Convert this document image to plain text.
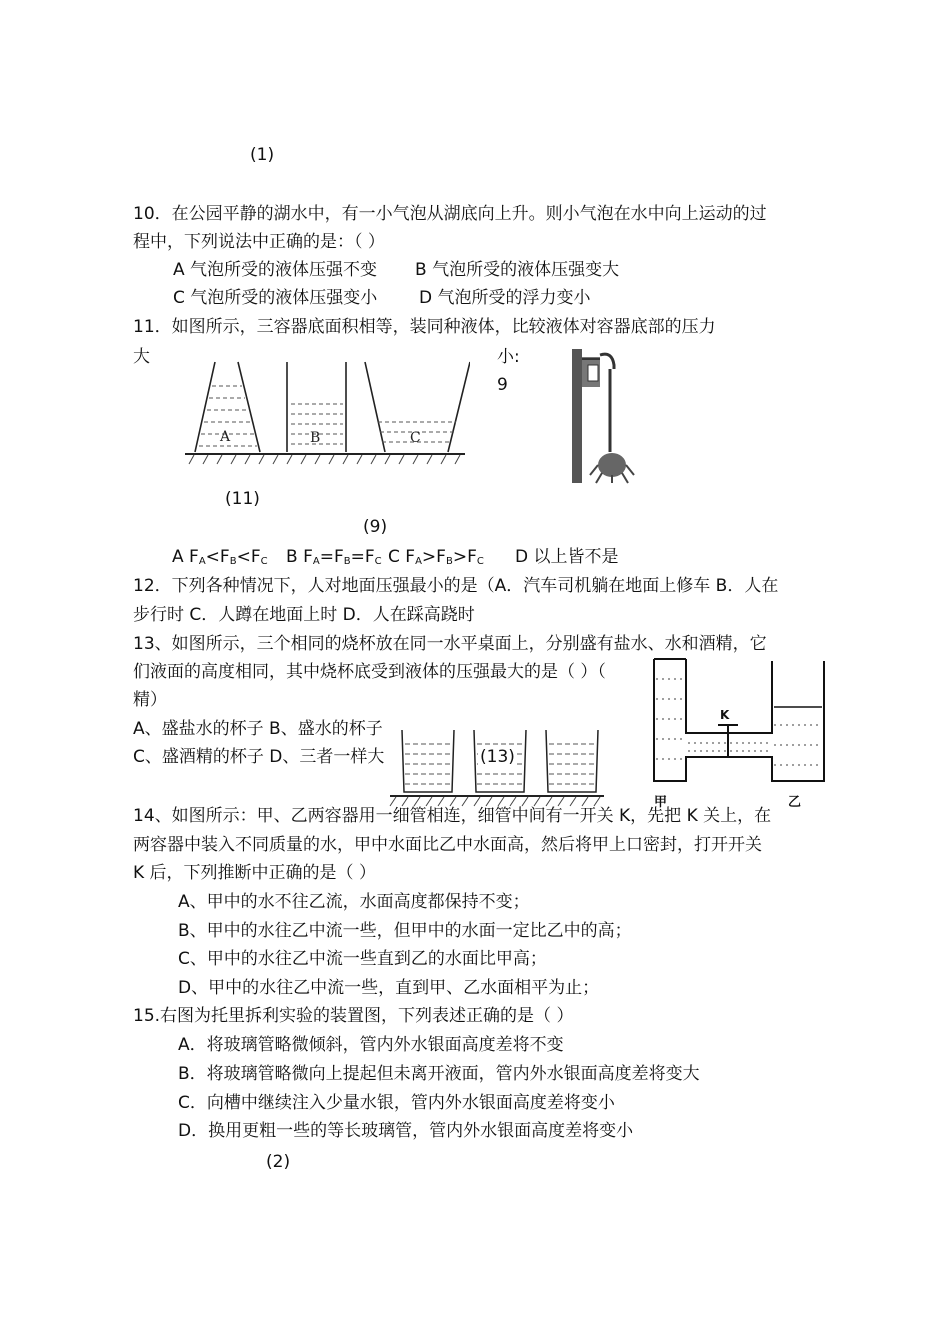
(1)
10．在公园平静的湖水中，有一小气泡从湖底向上升。则小气泡在水中向上运动的过
程中，下列说法中正确的是：（ ）
A 气泡所受的液体压强不变 B 气泡所受的液体压强变大
C 气泡所受的液体压强变小 D 气泡所受的浮力变小
11．如图所示，三容器底面积相等，装同种液体，比较液体对容器底部的压力
大	小:
9
A	B	C
(11)
(9)
A $F_A<F_B<F_C$ B $F_A=F_B=F_C$ C $F_A>F_B>F_C$ D 以上皆不是
12．下列各种情况下，人对地面压强最小的是（A．汽车司机躺在地面上修车 B．人在
步行时 C．人蹲在地面上时 D．人在踩高跷时
13、如图所示，三个相同的烧杯放在同一水平桌面上，分别盛有盐水、水和酒精，它
们液面的高度相同，其中烧杯底受到液体的压强最大的是（ ）（
精）
A、盛盐水的杯子 B、盛水的杯子
C、盛酒精的杯子 D、三者一样大	(13)
K
甲	乙
14、如图所示：甲、乙两容器用一细管相连，细管中间有一开关 K，先把 K 关上，在
两容器中装入不同质量的水，甲中水面比乙中水面高，然后将甲上口密封，打开开关
K 后，下列推断中正确的是（ ）
A、甲中的水不往乙流，水面高度都保持不变；
B、甲中的水往乙中流一些，但甲中的水面一定比乙中的高；
C、甲中的水往乙中流一些直到乙的水面比甲高；
D、甲中的水往乙中流一些，直到甲、乙水面相平为止；
15.右图为托里拆利实验的装置图，下列表述正确的是（ ）
A．将玻璃管略微倾斜，管内外水银面高度差将不变
B．将玻璃管略微向上提起但未离开液面，管内外水银面高度差将变大
C．向槽中继续注入少量水银，管内外水银面高度差将变小
D．换用更粗一些的等长玻璃管，管内外水银面高度差将变小
(2)
